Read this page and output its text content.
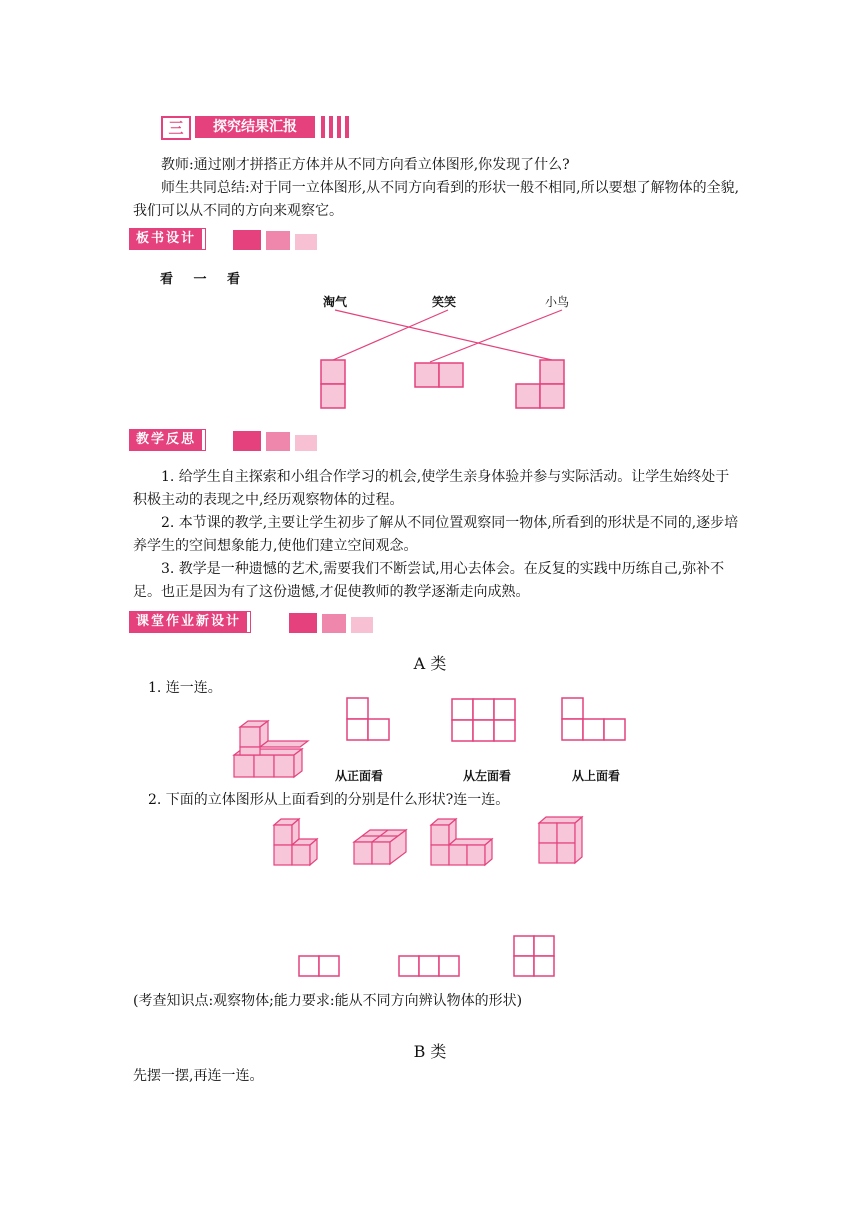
三	探究结果汇报
教师:通过刚才拼搭正方体并从不同方向看立体图形,你发现了什么?
师生共同总结:对于同一立体图形,从不同方向看到的形状一般不相同,所以要想了解物体的全貌,我们可以从不同的方向来观察它。
板书设计
看 一 看
淘气	笑笑	小鸟
教学反思
1. 给学生自主探索和小组合作学习的机会,使学生亲身体验并参与实际活动。让学生始终处于积极主动的表现之中,经历观察物体的过程。
2. 本节课的教学,主要让学生初步了解从不同位置观察同一物体,所看到的形状是不同的,逐步培养学生的空间想象能力,使他们建立空间观念。
3. 教学是一种遗憾的艺术,需要我们不断尝试,用心去体会。在反复的实践中历练自己,弥补不足。也正是因为有了这份遗憾,才促使教师的教学逐渐走向成熟。
课堂作业新设计
A 类
1. 连一连。
从正面看	从左面看	从上面看
2. 下面的立体图形从上面看到的分别是什么形状?连一连。
(考查知识点:观察物体;能力要求:能从不同方向辨认物体的形状)
B 类
先摆一摆,再连一连。
